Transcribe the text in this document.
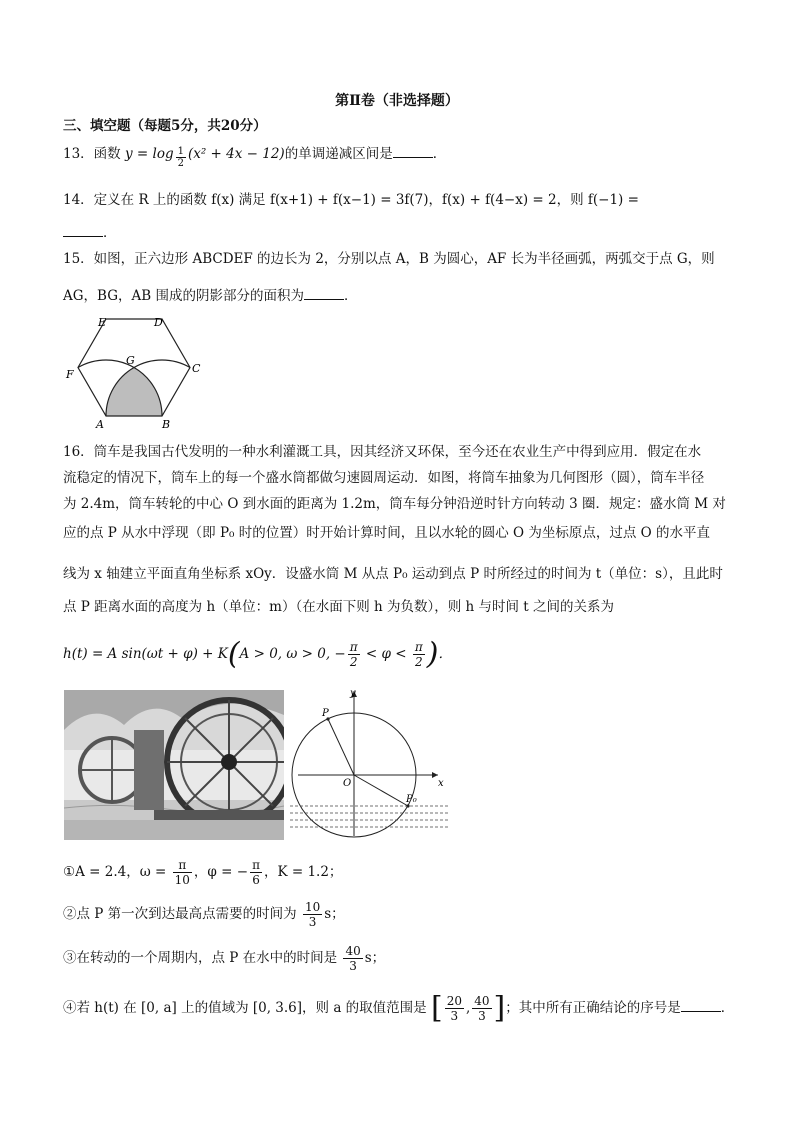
第Ⅱ卷（非选择题）
三、填空题（每题5分，共20分）
13．函数 $y = \log \frac{1}{2} (x^2 + 4x - 12)$的单调递减区间是	．
14．定义在 R 上的函数 f(x) 满足 f(x+1) + f(x−1) = 3f(7)，f(x) + f(4−x) = 2，则 f(−1) =
．
15．如图，正六边形 ABCDEF 的边长为 2，分别以点 A，B 为圆心，AF 长为半径画弧，两弧交于点 G，则
AG，BG，AB 围成的阴影部分的面积为	．
A	B
C
D
E
F
G
16．筒车是我国古代发明的一种水利灌溉工具，因其经济又环保，至今还在农业生产中得到应用．假定在水
流稳定的情况下，筒车上的每一个盛水筒都做匀速圆周运动．如图，将筒车抽象为几何图形（圆），筒车半径
为 2.4m，筒车转轮的中心 O 到水面的距离为 1.2m，筒车每分钟沿逆时针方向转动 3 圈．规定：盛水筒 M 对
应的点 P 从水中浮现（即 P₀ 时的位置）时开始计算时间，且以水轮的圆心 O 为坐标原点，过点 O 的水平直
线为 x 轴建立平面直角坐标系 xOy．设盛水筒 M 从点 P₀ 运动到点 P 时所经过的时间为 t（单位：s），且此时
点 P 距离水面的高度为 h（单位：m）（在水面下则 h 为负数），则 h 与时间 t 之间的关系为
h(t) = A sin(ωt + φ) + K(A > 0, ω > 0, − $\frac{\pi}{2} < \varphi < \frac{\pi}{2}$ )．
y
x
O
P
P₀
①A = 2.4，$\omega = \frac{\pi}{10}$ ，φ = − $\frac{\pi}{6}$ ，K = 1.2；
②点 P 第一次到达最高点需要的时间为 $\frac{10}{3}$ s；
③在转动的一个周期内，点 P 在水中的时间是 $\frac{40}{3}$ s；
④若 h(t) 在 [0, a] 上的值域为 [0, 3.6]，则 a 的取值范围是 [ $\frac{20}{3}$ , $\frac{40}{3}$ ]；其中所有正确结论的序号是	．
